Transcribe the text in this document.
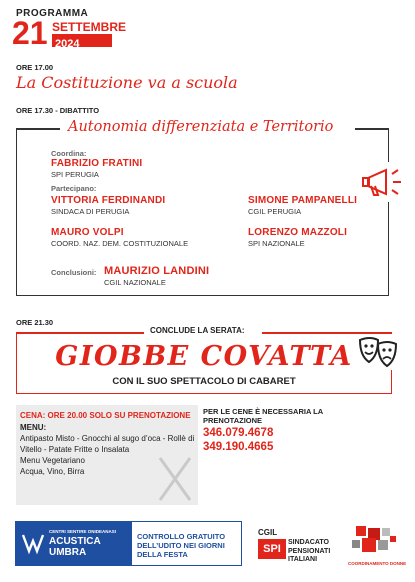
PROGRAMMA
21 SETTEMBRE
2024
ORE 17.00
La Costituzione va a scuola
ORE 17.30 - DIBATTITO
Autonomia differenziata e Territorio
Coordina:
FABRIZIO FRATINI
SPI PERUGIA
Partecipano:
VITTORIA FERDINANDI
SINDACA DI PERUGIA
SIMONE PAMPANELLI
CGIL PERUGIA
MAURO VOLPI
COORD. NAZ. DEM. COSTITUZIONALE
LORENZO MAZZOLI
SPI NAZIONALE
Conclusioni: MAURIZIO LANDINI
CGIL NAZIONALE
ORE 21.30
CONCLUDE LA SERATA:
GIOBBE COVATTA
CON IL SUO SPETTACOLO DI CABARET
CENA: ORE 20.00 SOLO SU PRENOTAZIONE
MENU:
Antipasto Misto - Gnocchi al sugo d’oca - Rollè di
Vitello - Patate Fritte o Insalata
Menu Vegetariano
Acqua, Vino, Birra
PER LE CENE È NECESSARIA LA PRENOTAZIONE
346.079.4678
349.190.4665
CENTRI SENTIRE ONIDEANASI
ACUSTICA UMBRA
CONTROLLO GRATUITO DELL’UDITO NEI GIORNI DELLA FESTA
CGIL
SPI
SINDACATO PENSIONATI ITALIANI
COORDINAMENTO DONNE
